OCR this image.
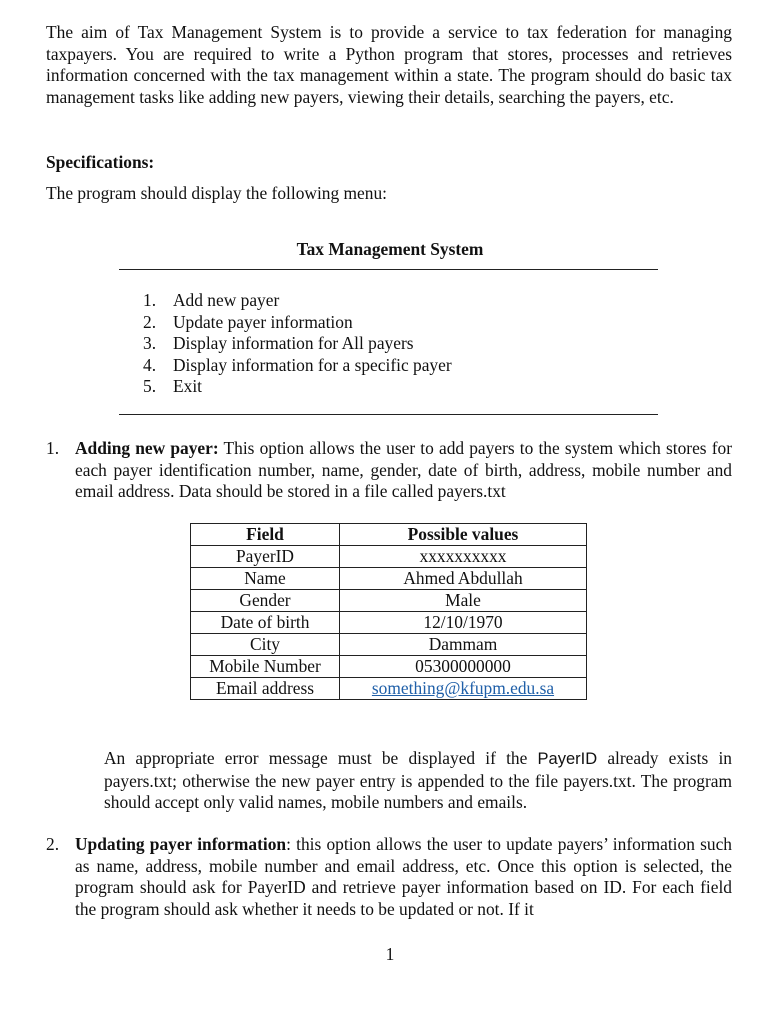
The aim of Tax Management System is to provide a service to tax federation for managing taxpayers. You are required to write a Python program that stores, processes and retrieves information concerned with the tax management within a state. The program should do basic tax management tasks like adding new payers, viewing their details, searching the payers, etc.

Specifications:

The program should display the following menu:

Tax Management System

1. Add new payer
2. Update payer information
3. Display information for All payers
4. Display information for a specific payer
5. Exit
1. Adding new payer: This option allows the user to add payers to the system which stores for each payer identification number, name, gender, date of birth, address, mobile number and email address. Data should be stored in a file called payers.txt
Field	Possible values
PayerID	xxxxxxxxxx
Name	Ahmed Abdullah
Gender	Male
Date of birth	12/10/1970
City	Dammam
Mobile Number	05300000000
Email address	something@kfupm.edu.sa

An appropriate error message must be displayed if the PayerID already exists in payers.txt; otherwise the new payer entry is appended to the file payers.txt. The program should accept only valid names, mobile numbers and emails.

2. Updating payer information: this option allows the user to update payers’ information such as name, address, mobile number and email address, etc. Once this option is selected, the program should ask for PayerID and retrieve payer information based on ID. For each field the program should ask whether it needs to be updated or not. If it

1
